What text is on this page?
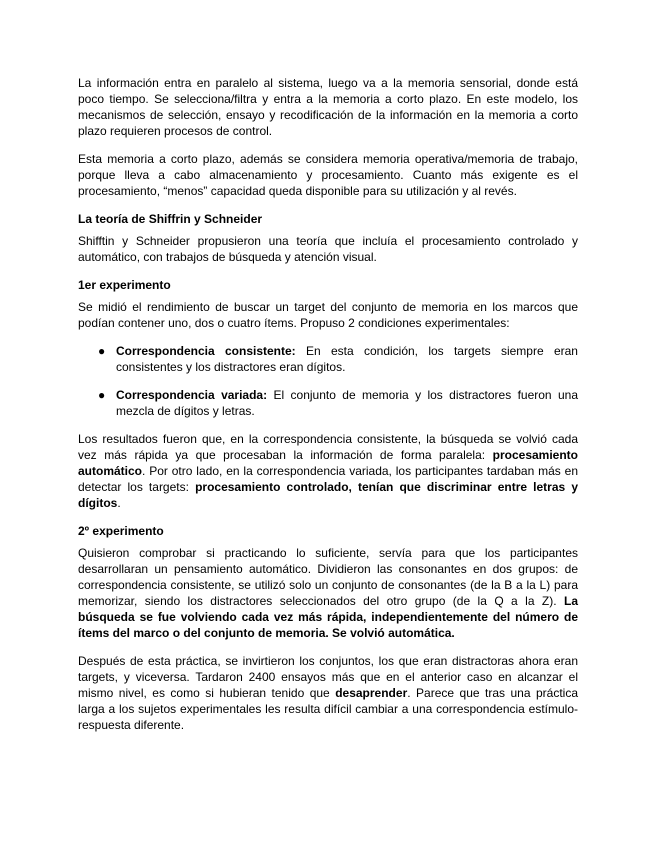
La información entra en paralelo al sistema, luego va a la memoria sensorial, donde está poco tiempo. Se selecciona/filtra y entra a la memoria a corto plazo. En este modelo, los mecanismos de selección, ensayo y recodificación de la información en la memoria a corto plazo requieren procesos de control.

Esta memoria a corto plazo, además se considera memoria operativa/memoria de trabajo, porque lleva a cabo almacenamiento y procesamiento. Cuanto más exigente es el procesamiento, “menos” capacidad queda disponible para su utilización y al revés.

La teoría de Shiffrin y Schneider

Shifftin y Schneider propusieron una teoría que incluía el procesamiento controlado y automático, con trabajos de búsqueda y atención visual.

1er experimento

Se midió el rendimiento de buscar un target del conjunto de memoria en los marcos que podían contener uno, dos o cuatro ítems. Propuso 2 condiciones experimentales:

● Correspondencia consistente: En esta condición, los targets siempre eran consistentes y los distractores eran dígitos.
● Correspondencia variada: El conjunto de memoria y los distractores fueron una mezcla de dígitos y letras.

Los resultados fueron que, en la correspondencia consistente, la búsqueda se volvió cada vez más rápida ya que procesaban la información de forma paralela: procesamiento automático. Por otro lado, en la correspondencia variada, los participantes tardaban más en detectar los targets: procesamiento controlado, tenían que discriminar entre letras y dígitos.

2º experimento

Quisieron comprobar si practicando lo suficiente, servía para que los participantes desarrollaran un pensamiento automático. Dividieron las consonantes en dos grupos: de correspondencia consistente, se utilizó solo un conjunto de consonantes (de la B a la L) para memorizar, siendo los distractores seleccionados del otro grupo (de la Q a la Z). La búsqueda se fue volviendo cada vez más rápida, independientemente del número de ítems del marco o del conjunto de memoria. Se volvió automática.

Después de esta práctica, se invirtieron los conjuntos, los que eran distractoras ahora eran targets, y viceversa. Tardaron 2400 ensayos más que en el anterior caso en alcanzar el mismo nivel, es como si hubieran tenido que desaprender. Parece que tras una práctica larga a los sujetos experimentales les resulta difícil cambiar a una correspondencia estímulo-respuesta diferente.
